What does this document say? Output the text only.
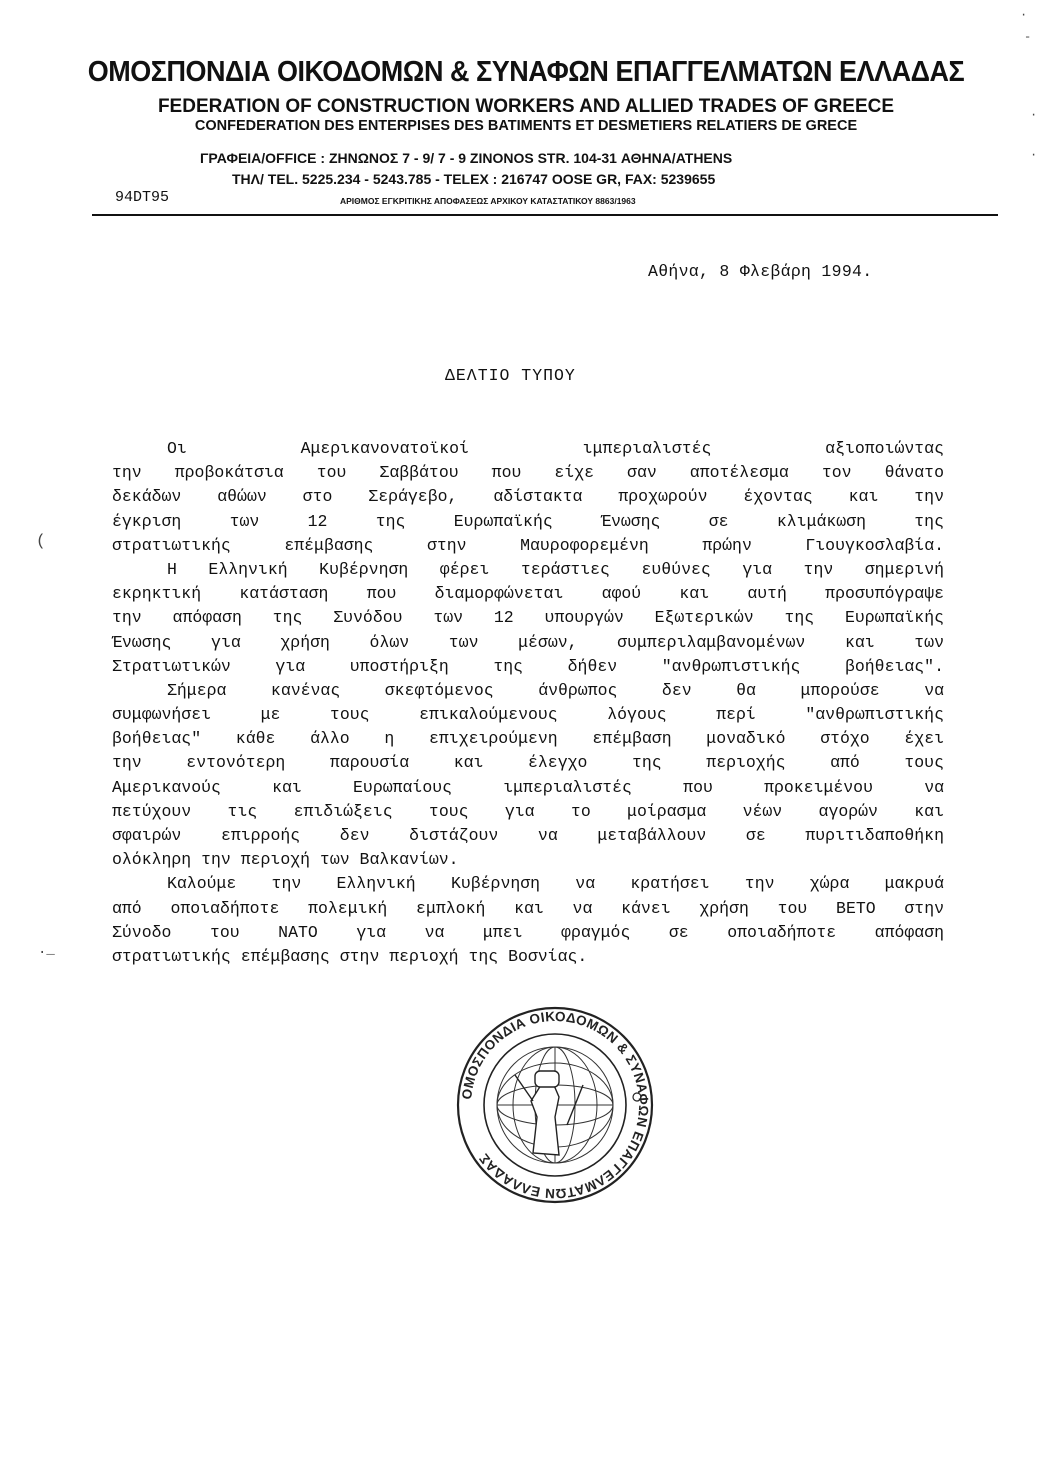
ΟΜΟΣΠΟΝΔΙΑ ΟΙΚΟΔΟΜΩΝ & ΣΥΝΑΦΩΝ ΕΠΑΓΓΕΛΜΑΤΩΝ ΕΛΛΑΔΑΣ
FEDERATION OF CONSTRUCTION WORKERS AND ALLIED TRADES OF GREECE
CONFEDERATION DES ENTERPISES DES BATIMENTS ET DESMETIERS RELATIERS DE GRECE
ΓΡΑΦΕΙΑ/OFFICE : ΖΗΝΩΝΟΣ 7 - 9/ 7 - 9 ZINONOS STR. 104-31 ΑΘΗΝΑ/ATHENS
ΤΗΛ/ TEL. 5225.234 - 5243.785 - TELEX : 216747 OOSE GR, FAX: 5239655
94DT95	ΑΡΙΘΜΟΣ ΕΓΚΡΙΤΙΚΗΣ ΑΠΟΦΑΣΕΩΣ ΑΡΧΙΚΟΥ ΚΑΤΑΣΤΑΤΙΚΟΥ 8863/1963
Αθήνα, 8 Φλεβάρη 1994.
ΔΕΛΤΙΟ ΤΥΠΟΥ
Οι Αμερικανονατοϊκοί ιμπεριαλιστές αξιοποιώντας
την προβοκάτσια του Σαββάτου που είχε σαν αποτέλεσμα τον θάνατο
δεκάδων αθώων στο Σεράγεβο, αδίστακτα προχωρούν έχοντας και την
έγκριση των 12 της Ευρωπαϊκής Ένωσης σε κλιμάκωση της
στρατιωτικής επέμβασης στην Μαυροφορεμένη πρώην Γιουγκοσλαβία.
Η Ελληνική Κυβέρνηση φέρει τεράστιες ευθύνες για την σημερινή
εκρηκτική κατάσταση που διαμορφώνεται αφού και αυτή προσυπόγραψε
την απόφαση της Συνόδου των 12 υπουργών Εξωτερικών της Ευρωπαϊκής
Ένωσης για χρήση όλων των μέσων, συμπεριλαμβανομένων και των
Στρατιωτικών για υποστήριξη της δήθεν "ανθρωπιστικής βοήθειας".
Σήμερα κανένας σκεφτόμενος άνθρωπος δεν θα μπορούσε να
συμφωνήσει με τους επικαλούμενους λόγους περί "ανθρωπιστικής
βοήθειας" κάθε άλλο η επιχειρούμενη επέμβαση μοναδικό στόχο έχει
την εντονότερη παρουσία και έλεγχο της περιοχής από τους
Αμερικανούς και Ευρωπαίους ιμπεριαλιστές που προκειμένου να
πετύχουν τις επιδιώξεις τους για το μοίρασμα νέων αγορών και
σφαιρών επιρροής δεν διστάζουν να μεταβάλλουν σε πυριτιδαποθήκη
ολόκληρη την περιοχή των Βαλκανίων.
Καλούμε την Ελληνική Κυβέρνηση να κρατήσει την χώρα μακρυά
από οποιαδήποτε πολεμική εμπλοκή και να κάνει χρήση του ΒΕΤΟ στην
Σύνοδο του ΝΑΤΟ για να μπει φραγμός σε οποιαδήποτε απόφαση
στρατιωτικής επέμβασης στην περιοχή της Βοσνίας.
ΟΜΟΣΠΟΝΔΙΑ ΟΙΚΟΔΟΜΩΝ & ΣΥΝΑΦΩΝ ΕΠΑΓΓΕΛΜΑΤΩΝ ΕΛΛΑΔΑΣ
·
-
·
·
(
._
